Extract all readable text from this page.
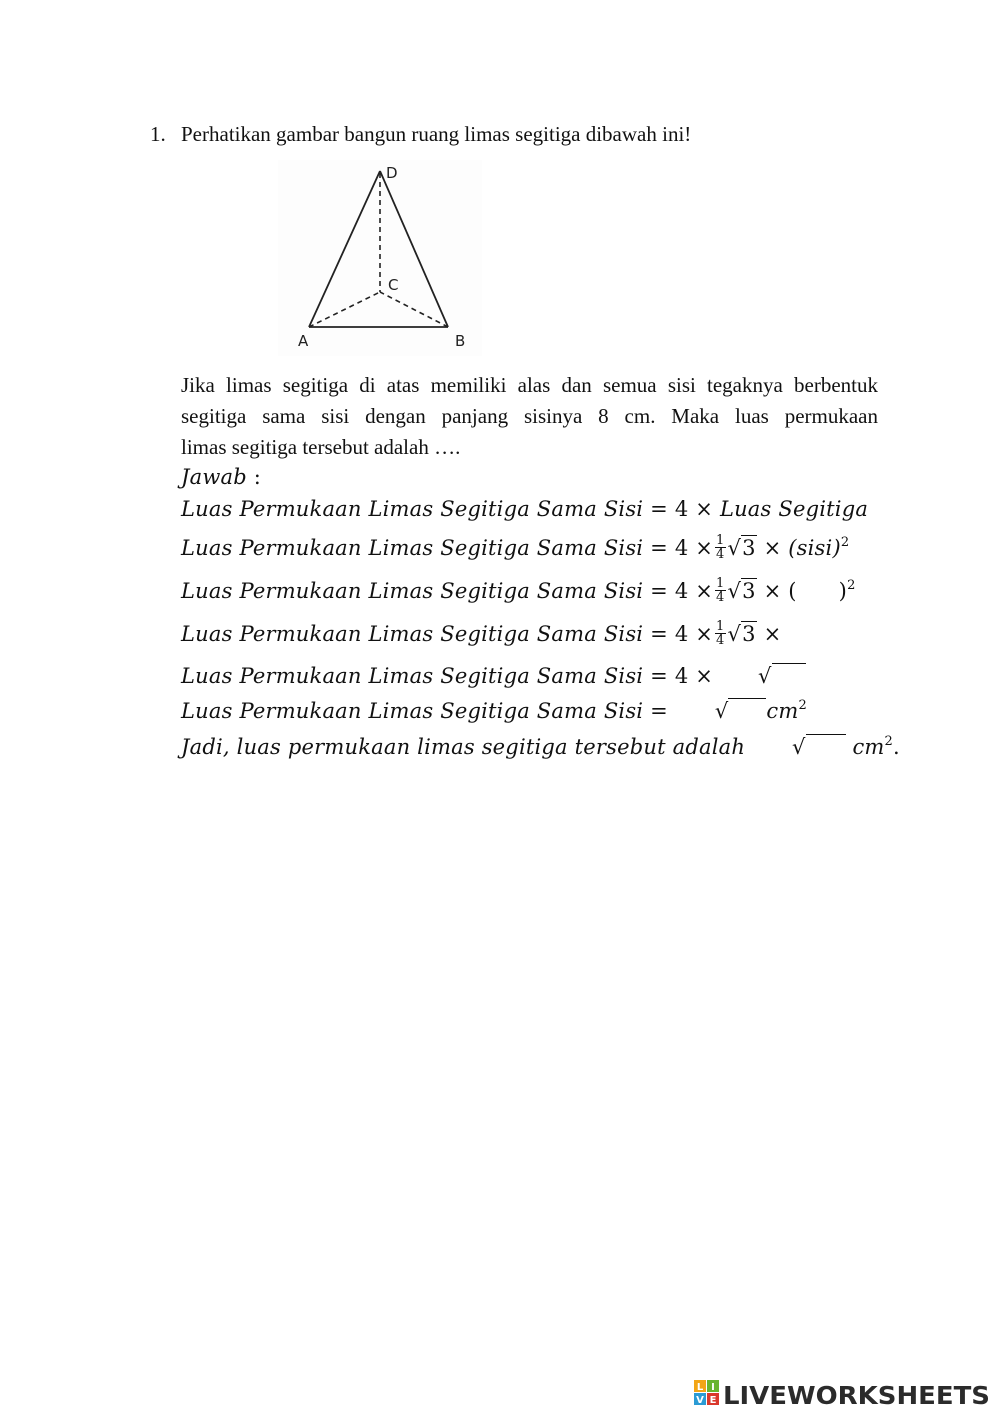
1. Perhatikan gambar bangun ruang limas segitiga dibawah ini!
D
C
A	B
Jika limas segitiga di atas memiliki alas dan semua sisi tegaknya berbentuk
segitiga sama sisi dengan panjang sisinya 8 cm. Maka luas permukaan
limas segitiga tersebut adalah ….
Jawab :
Luas Permukaan Limas Segitiga Sama Sisi = 4 × Luas Segitiga
Luas Permukaan Limas Segitiga Sama Sisi = $4 \times \frac{1}{4} √3$ × (sisi)$^2$
Luas Permukaan Limas Segitiga Sama Sisi = $4 \times \frac{1}{4} √3$ × ( )$^2$
Luas Permukaan Limas Segitiga Sama Sisi = $4 \times \frac{1}{4} √3$ ×
Luas Permukaan Limas Segitiga Sama Sisi = 4 × √
Luas Permukaan Limas Segitiga Sama Sisi = √ $cm^2$
Jadi, luas permukaan limas segitiga tersebut adalah √ $cm^2$.
L I
V E LIVEWORKSHEETS
